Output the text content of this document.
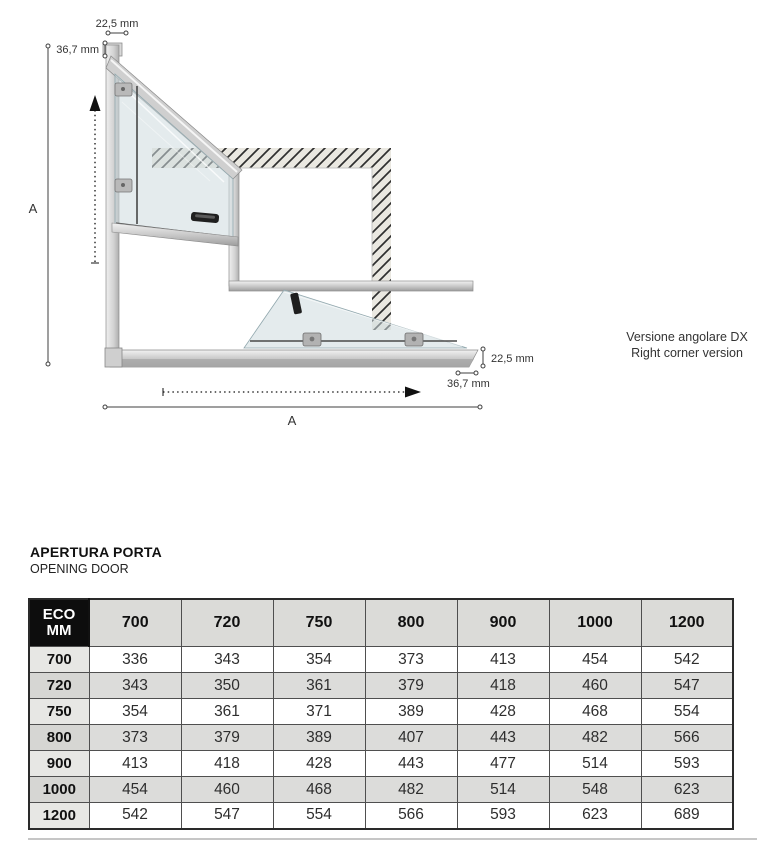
22,5 mm
36,7 mm
A
A
22,5 mm
36,7 mm
Versione angolare DX
Right corner version
APERTURA PORTA
OPENING DOOR
ECO
MM	700	720	750	800	900	1000	1200
700	336	343	354	373	413	454	542
720	343	350	361	379	418	460	547
750	354	361	371	389	428	468	554
800	373	379	389	407	443	482	566
900	413	418	428	443	477	514	593
1000	454	460	468	482	514	548	623
1200	542	547	554	566	593	623	689
